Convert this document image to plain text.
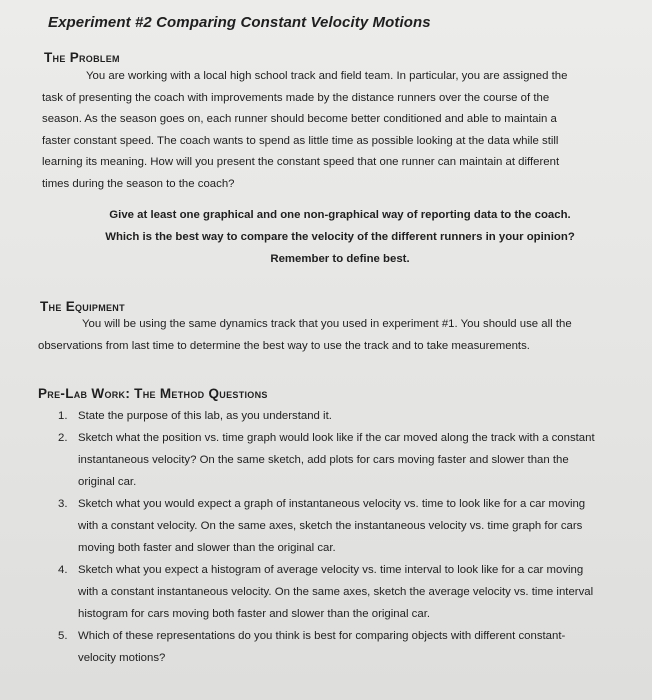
Experiment #2 Comparing Constant Velocity Motions
The Problem
You are working with a local high school track and field team. In particular, you are assigned the task of presenting the coach with improvements made by the distance runners over the course of the season. As the season goes on, each runner should become better conditioned and able to maintain a faster constant speed. The coach wants to spend as little time as possible looking at the data while still learning its meaning. How will you present the constant speed that one runner can maintain at different times during the season to the coach?
Give at least one graphical and one non-graphical way of reporting data to the coach.
Which is the best way to compare the velocity of the different runners in your opinion?
Remember to define best.
The Equipment
You will be using the same dynamics track that you used in experiment #1. You should use all the observations from last time to determine the best way to use the track and to take measurements.
Pre-Lab Work: The Method Questions
1. State the purpose of this lab, as you understand it.
2. Sketch what the position vs. time graph would look like if the car moved along the track with a constant instantaneous velocity? On the same sketch, add plots for cars moving faster and slower than the original car.
3. Sketch what you would expect a graph of instantaneous velocity vs. time to look like for a car moving with a constant velocity. On the same axes, sketch the instantaneous velocity vs. time graph for cars moving both faster and slower than the original car.
4. Sketch what you expect a histogram of average velocity vs. time interval to look like for a car moving with a constant instantaneous velocity. On the same axes, sketch the average velocity vs. time interval histogram for cars moving both faster and slower than the original car.
5. Which of these representations do you think is best for comparing objects with different constant-velocity motions?
